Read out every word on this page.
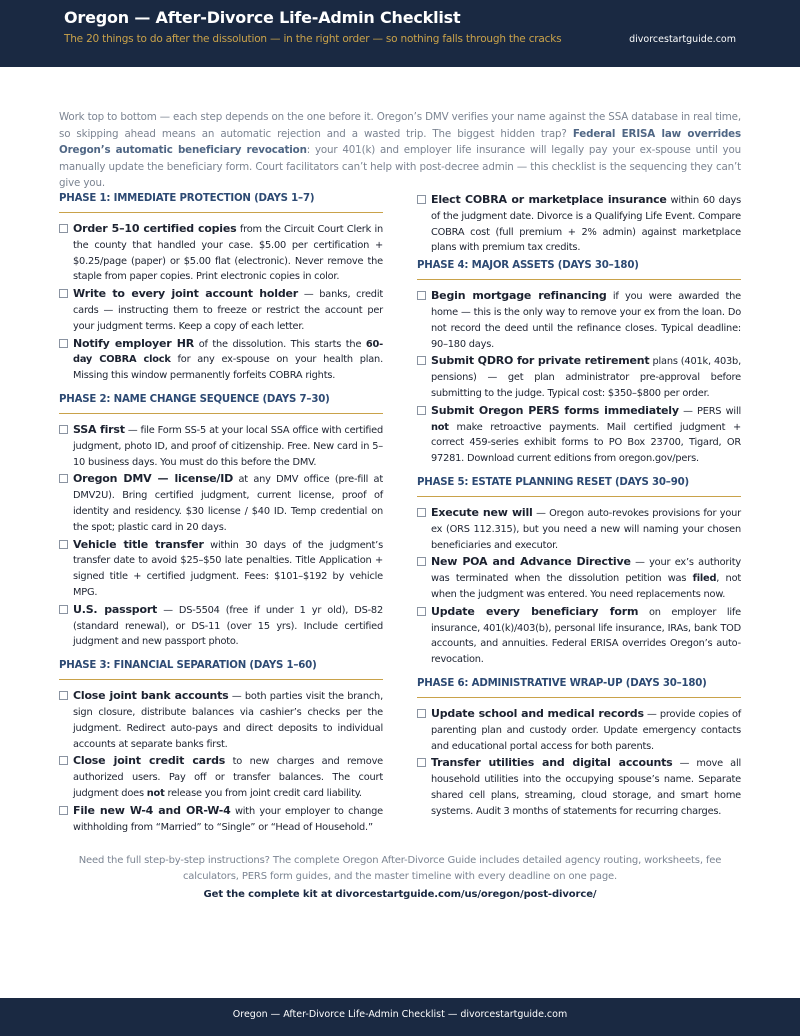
Oregon — After-Divorce Life-Admin Checklist
The 20 things to do after the dissolution — in the right order — so nothing falls through the cracks	divorcestartguide.com
Work top to bottom — each step depends on the one before it. Oregon’s DMV verifies your name against the SSA database in real time, so skipping ahead means an automatic rejection and a wasted trip. The biggest hidden trap? Federal ERISA law overrides Oregon’s automatic beneficiary revocation: your 401(k) and employer life insurance will legally pay your ex-spouse until you manually update the beneficiary form. Court facilitators can’t help with post-decree admin — this checklist is the sequencing they can’t give you.
PHASE 1: IMMEDIATE PROTECTION (DAYS 1–7)
Order 5–10 certified copies from the Circuit Court Clerk in the county that handled your case. $5.00 per certification + $0.25/page (paper) or $5.00 flat (electronic). Never remove the staple from paper copies. Print electronic copies in color.
Write to every joint account holder — banks, credit cards — instructing them to freeze or restrict the account per your judgment terms. Keep a copy of each letter.
Notify employer HR of the dissolution. This starts the 60-day COBRA clock for any ex-spouse on your health plan. Missing this window permanently forfeits COBRA rights.
PHASE 2: NAME CHANGE SEQUENCE (DAYS 7–30)
SSA first — file Form SS-5 at your local SSA office with certified judgment, photo ID, and proof of citizenship. Free. New card in 5–10 business days. You must do this before the DMV.
Oregon DMV — license/ID at any DMV office (pre-fill at DMV2U). Bring certified judgment, current license, proof of identity and residency. $30 license / $40 ID. Temp credential on the spot; plastic card in 20 days.
Vehicle title transfer within 30 days of the judgment’s transfer date to avoid $25–$50 late penalties. Title Application + signed title + certified judgment. Fees: $101–$192 by vehicle MPG.
U.S. passport — DS-5504 (free if under 1 yr old), DS-82 (standard renewal), or DS-11 (over 15 yrs). Include certified judgment and new passport photo.
PHASE 3: FINANCIAL SEPARATION (DAYS 1–60)
Close joint bank accounts — both parties visit the branch, sign closure, distribute balances via cashier’s checks per the judgment. Redirect auto-pays and direct deposits to individual accounts at separate banks first.
Close joint credit cards to new charges and remove authorized users. Pay off or transfer balances. The court judgment does not release you from joint credit card liability.
File new W-4 and OR-W-4 with your employer to change withholding from “Married” to “Single” or “Head of Household.”
Elect COBRA or marketplace insurance within 60 days of the judgment date. Divorce is a Qualifying Life Event. Compare COBRA cost (full premium + 2% admin) against marketplace plans with premium tax credits.
PHASE 4: MAJOR ASSETS (DAYS 30–180)
Begin mortgage refinancing if you were awarded the home — this is the only way to remove your ex from the loan. Do not record the deed until the refinance closes. Typical deadline: 90–180 days.
Submit QDRO for private retirement plans (401k, 403b, pensions) — get plan administrator pre-approval before submitting to the judge. Typical cost: $350–$800 per order.
Submit Oregon PERS forms immediately — PERS will not make retroactive payments. Mail certified judgment + correct 459-series exhibit forms to PO Box 23700, Tigard, OR 97281. Download current editions from oregon.gov/pers.
PHASE 5: ESTATE PLANNING RESET (DAYS 30–90)
Execute new will — Oregon auto-revokes provisions for your ex (ORS 112.315), but you need a new will naming your chosen beneficiaries and executor.
New POA and Advance Directive — your ex’s authority was terminated when the dissolution petition was filed, not when the judgment was entered. You need replacements now.
Update every beneficiary form on employer life insurance, 401(k)/403(b), personal life insurance, IRAs, bank TOD accounts, and annuities. Federal ERISA overrides Oregon’s auto-revocation.
PHASE 6: ADMINISTRATIVE WRAP-UP (DAYS 30–180)
Update school and medical records — provide copies of parenting plan and custody order. Update emergency contacts and educational portal access for both parents.
Transfer utilities and digital accounts — move all household utilities into the occupying spouse’s name. Separate shared cell plans, streaming, cloud storage, and smart home systems. Audit 3 months of statements for recurring charges.
Need the full step-by-step instructions? The complete Oregon After-Divorce Guide includes detailed agency routing, worksheets, fee calculators, PERS form guides, and the master timeline with every deadline on one page.
Get the complete kit at divorcestartguide.com/us/oregon/post-divorce/
Oregon — After-Divorce Life-Admin Checklist — divorcestartguide.com
